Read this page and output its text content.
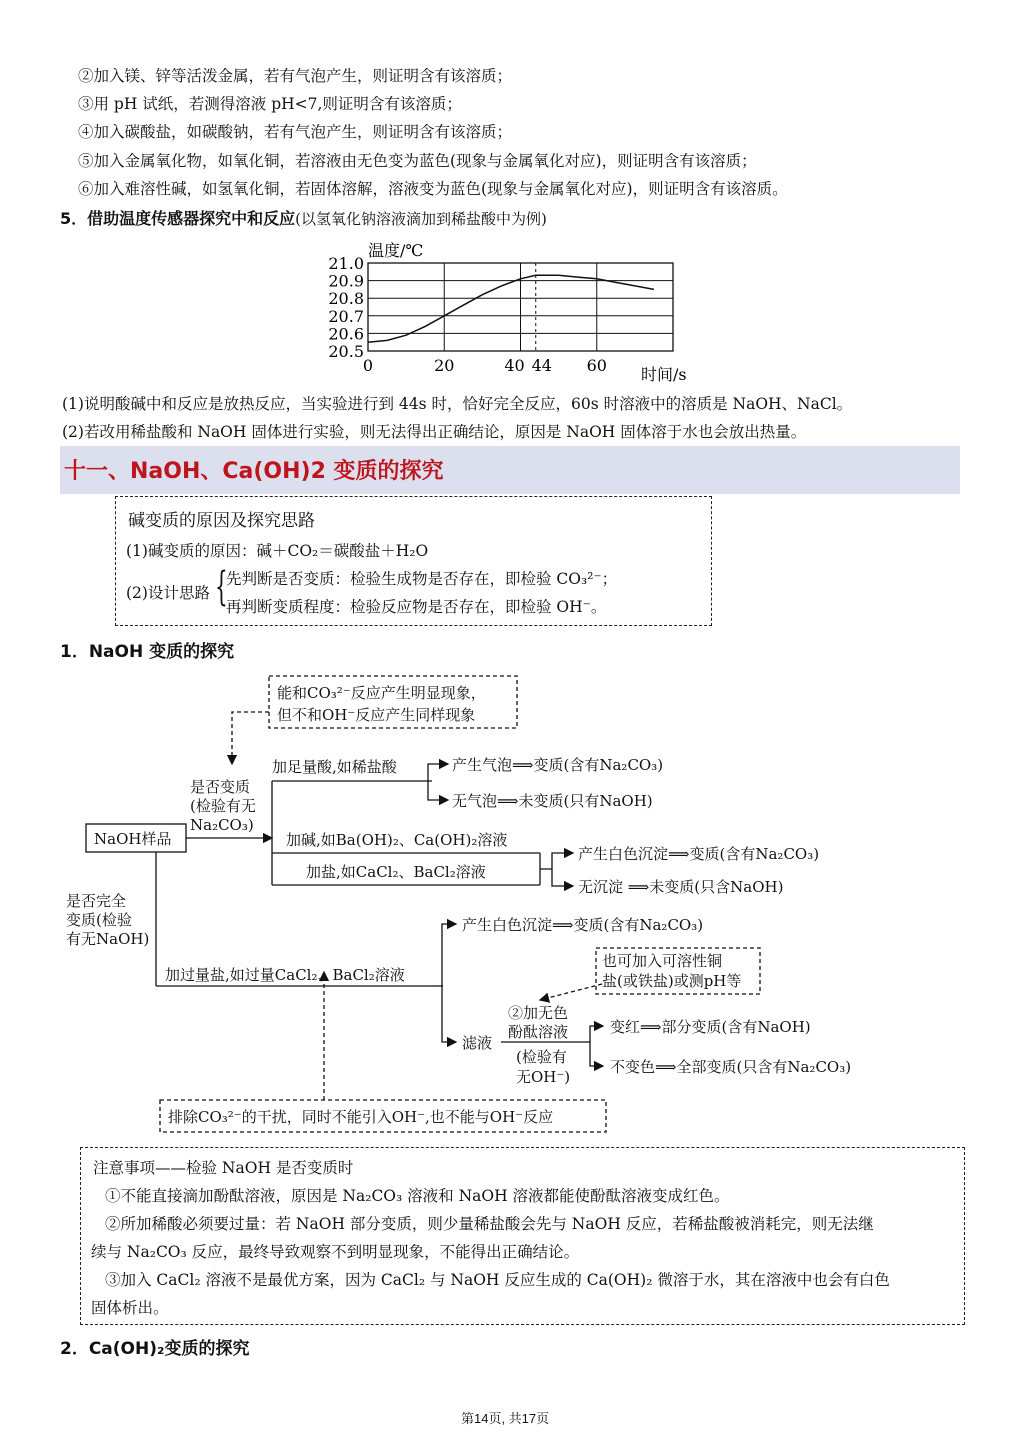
②加入镁、锌等活泼金属，若有气泡产生，则证明含有该溶质；
③用 pH 试纸，若测得溶液 pH<7,则证明含有该溶质；
④加入碳酸盐，如碳酸钠，若有气泡产生，则证明含有该溶质；
⑤加入金属氧化物，如氧化铜，若溶液由无色变为蓝色(现象与金属氧化对应)，则证明含有该溶质；
⑥加入难溶性碱，如氢氧化铜，若固体溶解，溶液变为蓝色(现象与金属氧化对应)，则证明含有该溶质。
5．借助温度传感器探究中和反应(以氢氧化钠溶液滴加到稀盐酸中为例)
21.0
20.9
20.8
20.7
20.6
20.5
0	20	40 44 60
温度/℃
时间/s
(1)说明酸碱中和反应是放热反应，当实验进行到 44s 时，恰好完全反应，60s 时溶液中的溶质是 NaOH、NaCl。
(2)若改用稀盐酸和 NaOH 固体进行实验，则无法得出正确结论，原因是 NaOH 固体溶于水也会放出热量。
十一、NaOH、Ca(OH)2 变质的探究
碱变质的原因及探究思路
(1)碱变质的原因：碱＋CO₂＝碳酸盐＋H₂O
(2)设计思路 {
先判断是否变质：检验生成物是否存在，即检验 CO₃²⁻；
再判断变质程度：检验反应物是否存在，即检验 OH⁻。
1．NaOH 变质的探究
能和CO₃²⁻反应产生明显现象，
但不和OH⁻反应产生同样现象
是否变质
(检验有无
Na₂CO₃)
NaOH样品
加足量酸,如稀盐酸	产生气泡⟹变质(含有Na₂CO₃)
无气泡⟹未变质(只有NaOH)
加碱,如Ba(OH)₂、Ca(OH)₂溶液
加盐,如CaCl₂、BaCl₂溶液
产生白色沉淀⟹变质(含有Na₂CO₃)
无沉淀 ⟹未变质(只含NaOH)
是否完全
变质(检验
有无NaOH)
加过量盐,如过量CaCl₂、BaCl₂溶液
产生白色沉淀⟹变质(含有Na₂CO₃)
也可加入可溶性铜
盐(或铁盐)或测pH等
滤液
②加无色
酚酞溶液
(检验有
无OH⁻)
变红⟹部分变质(含有NaOH)
不变色⟹全部变质(只含有Na₂CO₃)
排除CO₃²⁻的干扰，同时不能引入OH⁻,也不能与OH⁻反应
注意事项——检验 NaOH 是否变质时
①不能直接滴加酚酞溶液，原因是 Na₂CO₃ 溶液和 NaOH 溶液都能使酚酞溶液变成红色。
②所加稀酸必须要过量：若 NaOH 部分变质，则少量稀盐酸会先与 NaOH 反应，若稀盐酸被消耗完，则无法继
续与 Na₂CO₃ 反应，最终导致观察不到明显现象，不能得出正确结论。
③加入 CaCl₂ 溶液不是最优方案，因为 CaCl₂ 与 NaOH 反应生成的 Ca(OH)₂ 微溶于水，其在溶液中也会有白色
固体析出。
2．Ca(OH)₂变质的探究
第14页, 共17页
